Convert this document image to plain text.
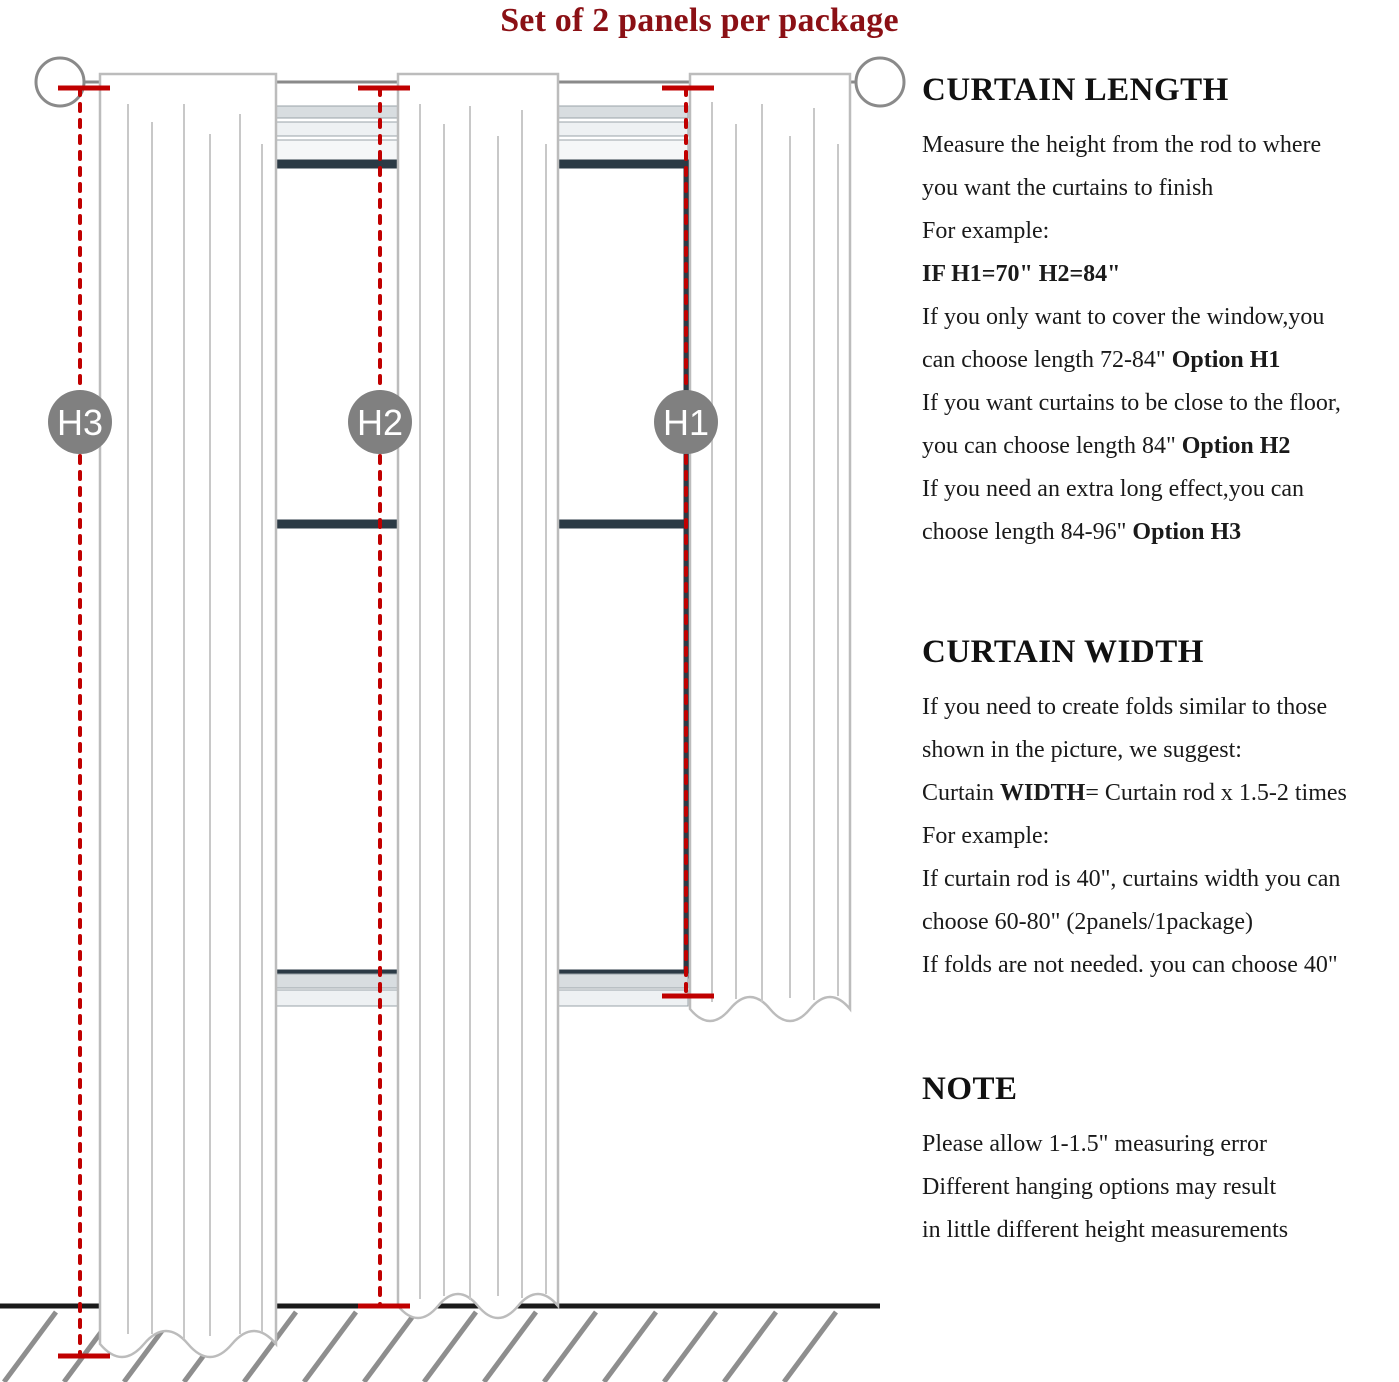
Set of 2 panels per package
H3	H2	H1
CURTAIN LENGTH

Measure the height from the rod to where

you want the curtains to finish

For example:

IF H1=70" H2=84"

If you only want to cover the window,you

can choose length 72-84" Option H1

If you want curtains to be close to the floor,

you can choose length 84" Option H2

If you need an extra long effect,you can

choose length 84-96" Option H3

CURTAIN WIDTH

If you need to create folds similar to those

shown in the picture, we suggest:

Curtain WIDTH= Curtain rod x 1.5-2 times

For example:

If curtain rod is 40", curtains width you can

choose 60-80" (2panels/1package)

If folds are not needed. you can choose 40"

NOTE

Please allow 1-1.5" measuring error

Different hanging options may result

in little different height measurements
